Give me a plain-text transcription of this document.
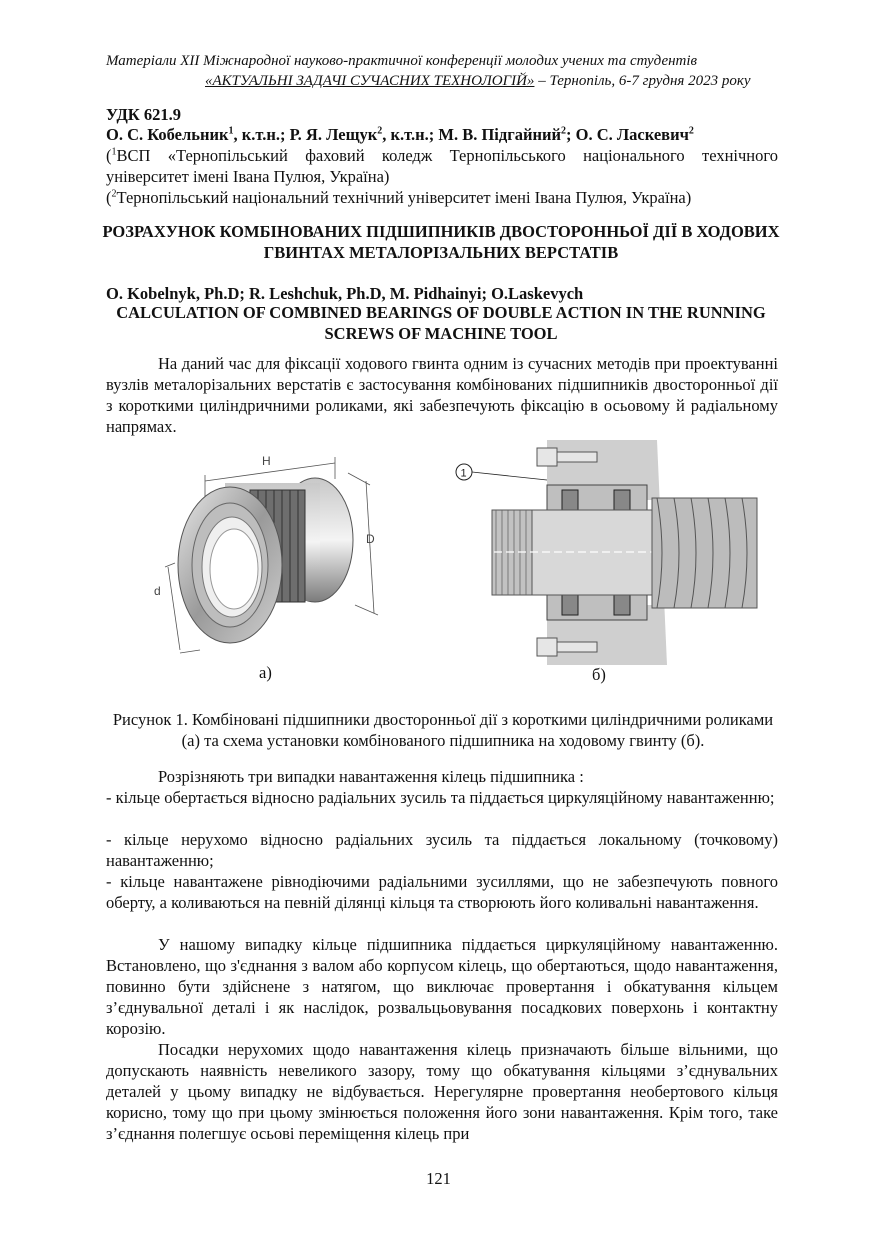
Матеріали XII Міжнародної науково-практичної конференції молодих учених та студентів
«АКТУАЛЬНІ ЗАДАЧІ СУЧАСНИХ ТЕХНОЛОГІЙ» – Тернопіль, 6-7 грудня 2023 року
УДК 621.9
О. С. Кобельник$^1$, к.т.н.; Р. Я. Лещук$^2$, к.т.н.; М. В. Підгайний$^2$; О. С. Ласкевич$^2$
($^1$ВСП «Тернопільський фаховий коледж Тернопільського національного технічного університет імені Івана Пулюя, Україна)
($^2$Тернопільський національний технічний університет імені Івана Пулюя, Україна)
РОЗРАХУНОК КОМБІНОВАНИХ ПІДШИПНИКІВ ДВОСТОРОННЬОЇ ДІЇ В ХОДОВИХ ГВИНТАХ МЕТАЛОРІЗАЛЬНИХ ВЕРСТАТІВ
O. Kobelnyk, Ph.D; R. Leshchuk, Ph.D, M. Pidhainyi; O.Laskevych
CALCULATION OF COMBINED BEARINGS OF DOUBLE ACTION IN THE RUNNING SCREWS OF MACHINE TOOL
На даний час для фіксації ходового гвинта одним із сучасних методів при проектуванні вузлів металорізальних верстатів є застосування комбінованих підшипників двосторонньої дії з короткими циліндричними роликами, які забезпечують фіксацію в осьовому й радіальному напрямах.
H
D
d
а)
1
б)
Рисунок 1. Комбіновані підшипники двосторонньої дії з короткими циліндричними роликами (а) та схема установки комбінованого підшипника на ходовому гвинту (б).
Розрізняють три випадки навантаження кілець підшипника :
- кільце обертається відносно радіальних зусиль та піддається циркуляційному навантаженню;
- кільце нерухомо відносно радіальних зусиль та піддається локальному (точковому) навантаженню;
- кільце навантажене рівнодіючими радіальними зусиллями, що не забезпечують повного оберту, а коливаються на певній ділянці кільця та створюють його коливальні навантаження.
У нашому випадку кільце підшипника піддається циркуляційному навантаженню. Встановлено, що з'єднання з валом або корпусом кілець, що обертаються, щодо навантаження, повинно бути здійснене з натягом, що виключає провертання і обкатування кільцем з’єднувальної деталі і як наслідок, розвальцьовування посадкових поверхонь і контактну корозію.
Посадки нерухомих щодо навантаження кілець призначають більше вільними, що допускають наявність невеликого зазору, тому що обкатування кільцями з’єднувальних деталей у цьому випадку не відбувається. Нерегулярне провертання необертового кільця корисно, тому що при цьому змінюється положення його зони навантаження. Крім того, таке з’єднання полегшує осьові переміщення кілець при
121
